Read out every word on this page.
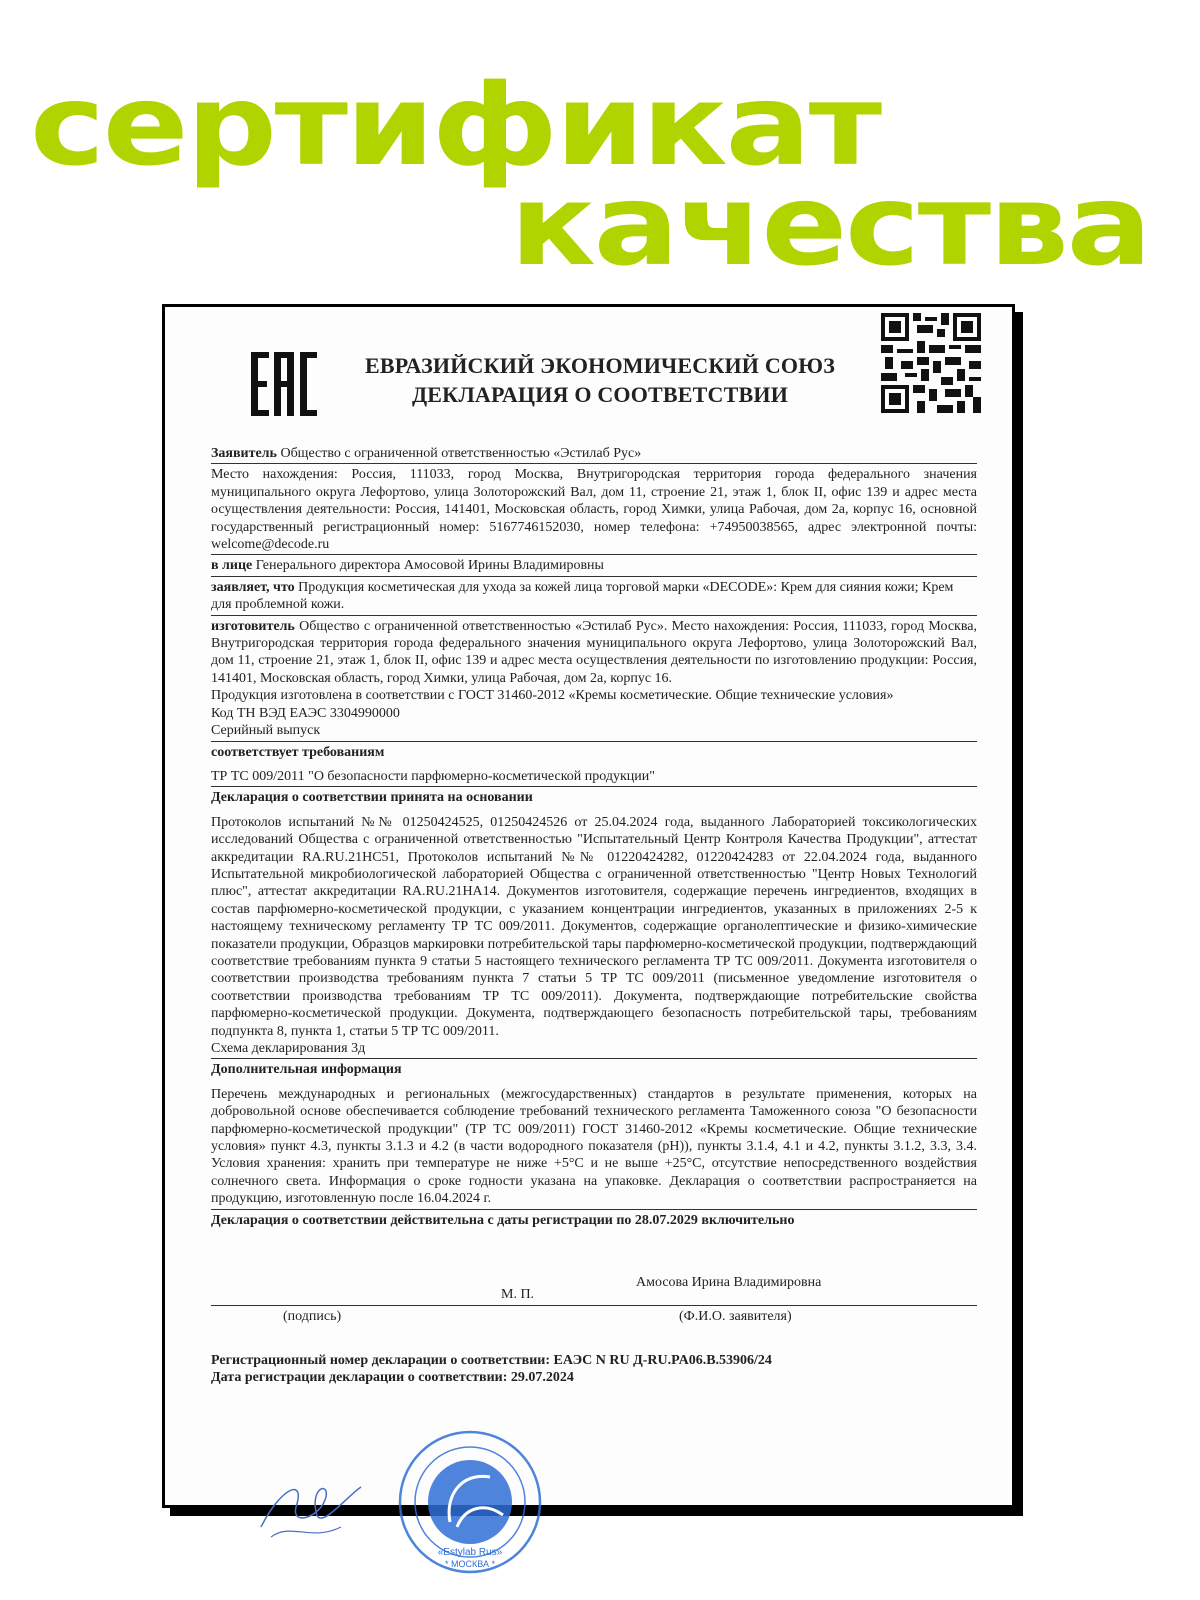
сертификат
качества
ЕВРАЗИЙСКИЙ ЭКОНОМИЧЕСКИЙ СОЮЗ
ДЕКЛАРАЦИЯ О СООТВЕТСТВИИ
Заявитель Общество с ограниченной ответственностью «Эстилаб Рус»
Место нахождения: Россия, 111033, город Москва, Внутригородская территория города федерального значения муниципального округа Лефортово, улица Золоторожский Вал, дом 11, строение 21, этаж 1, блок II, офис 139 и адрес места осуществления деятельности: Россия, 141401, Московская область, город Химки, улица Рабочая, дом 2а, корпус 16, основной государственный регистрационный номер: 5167746152030, номер телефона: +74950038565, адрес электронной почты: welcome@decode.ru
в лице Генерального директора Амосовой Ирины Владимировны
заявляет, что Продукция косметическая для ухода за кожей лица торговой марки «DECODE»: Крем для сияния кожи; Крем для проблемной кожи.
изготовитель Общество с ограниченной ответственностью «Эстилаб Рус». Место нахождения: Россия, 111033, город Москва, Внутригородская территория города федерального значения муниципального округа Лефортово, улица Золоторожский Вал, дом 11, строение 21, этаж 1, блок II, офис 139 и адрес места осуществления деятельности по изготовлению продукции: Россия, 141401, Московская область, город Химки, улица Рабочая, дом 2а, корпус 16.
Продукция изготовлена в соответствии с ГОСТ 31460-2012 «Кремы косметические. Общие технические условия»
Код ТН ВЭД ЕАЭС 3304990000
Серийный выпуск
соответствует требованиям
ТР ТС 009/2011 "О безопасности парфюмерно-косметической продукции"
Декларация о соответствии принята на основании
Протоколов испытаний №№ 01250424525, 01250424526 от 25.04.2024 года, выданного Лабораторией токсикологических исследований Общества с ограниченной ответственностью "Испытательный Центр Контроля Качества Продукции", аттестат аккредитации RA.RU.21НС51, Протоколов испытаний №№ 01220424282, 01220424283 от 22.04.2024 года, выданного Испытательной микробиологической лабораторией Общества с ограниченной ответственностью "Центр Новых Технологий плюс", аттестат аккредитации RA.RU.21НА14. Документов изготовителя, содержащие перечень ингредиентов, входящих в состав парфюмерно-косметической продукции, с указанием концентрации ингредиентов, указанных в приложениях 2-5 к настоящему техническому регламенту ТР ТС 009/2011. Документов, содержащие органолептические и физико-химические показатели продукции, Образцов маркировки потребительской тары парфюмерно-косметической продукции, подтверждающий соответствие требованиям пункта 9 статьи 5 настоящего технического регламента ТР ТС 009/2011. Документа изготовителя о соответствии производства требованиям пункта 7 статьи 5 ТР ТС 009/2011 (письменное уведомление изготовителя о соответствии производства требованиям ТР ТС 009/2011). Документа, подтверждающие потребительские свойства парфюмерно-косметической продукции. Документа, подтверждающего безопасность потребительской тары, требованиям подпункта 8, пункта 1, статьи 5 ТР ТС 009/2011.
Схема декларирования 3д
Дополнительная информация
Перечень международных и региональных (межгосударственных) стандартов в результате применения, которых на добровольной основе обеспечивается соблюдение требований технического регламента Таможенного союза "О безопасности парфюмерно-косметической продукции" (ТР ТС 009/2011) ГОСТ 31460-2012 «Кремы косметические. Общие технические условия» пункт 4.3, пункты 3.1.3 и 4.2 (в части водородного показателя (pH)), пункты 3.1.4, 4.1 и 4.2, пункты 3.1.2, 3.3, 3.4. Условия хранения: хранить при температуре не ниже +5°С и не выше +25°С, отсутствие непосредственного воздействия солнечного света. Информация о сроке годности указана на упаковке. Декларация о соответствии распространяется на продукцию, изготовленную после 16.04.2024 г.
Декларация о соответствии действительна с даты регистрации по 28.07.2029 включительно
М. П.
Амосова Ирина Владимировна
(подпись)	(Ф.И.О. заявителя)
Регистрационный номер декларации о соответствии: ЕАЭС N RU Д-RU.PA06.B.53906/24
Дата регистрации декларации о соответствии: 29.07.2024
* МОСКВА *
«Estylab Rus»
